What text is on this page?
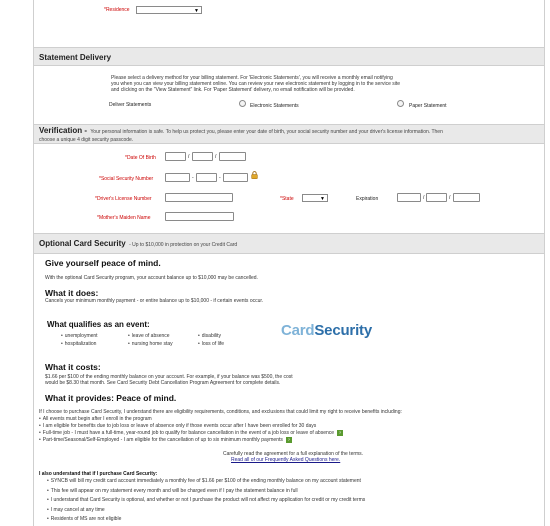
*Residence	▼
Statement Delivery
Please select a delivery method for your billing statement. For 'Electronic Statements', you will receive a monthly email notifying
you when you can view your billing statement online. You can review your new electronic statement by logging in to the service site
and clicking on the "View Statement" link. For 'Paper Statement' delivery, no email notification will be provided.
Deliver Statements	Electronic Statements	Paper Statement
Verification - Your personal information is safe. To help us protect you, please enter your date of birth, your social security number and your driver's license information. Then
choose a unique 4 digit security passcode.
*Date Of Birth	/	/
*Social Security Number	-	-
*Driver's License Number	*State	▼	Expiration	/	/
*Mother's Maiden Name
Optional Card Security - Up to $10,000 in protection on your Credit Card
Give yourself peace of mind.
With the optional Card Security program, your account balance up to $10,000 may be cancelled.
What it does:
Cancels your minimum monthly payment - or entire balance up to $10,000 - if certain events occur.
What qualifies as an event:
• unemployment
• hospitalization
• leave of absence
• nursing home stay
• disability
• loss of life
CardSecurity
What it costs:
$1.66 per $100 of the ending monthly balance on your account. For example, if your balance was $500, the cost
would be $8.30 that month. See Card Security Debt Cancellation Program Agreement for complete details.
What it provides: Peace of mind.
If I choose to purchase Card Security, I understand there are eligibility requirements, conditions, and exclusions that could limit my right to receive benefits including:
• All events must begin after I enroll in the program
• I am eligible for benefits due to job loss or leave of absence only if those events occur after I have been enrolled for 30 days
• Full-time job - I must have a full-time, year-round job to qualify for balance cancellation in the event of a job loss or leave of absence ?
• Part-time/Seasonal/Self-Employed - I am eligible for the cancellation of up to six minimum monthly payments ?
Carefully read the agreement for a full explanation of the terms.
Read all of our Frequently Asked Questions here.
I also understand that if I purchase Card Security:
• SYNCB will bill my credit card account immediately a monthly fee of $1.66 per $100 of the ending monthly balance on my account statement
• This fee will appear on my statement every month and will be charged even if I pay the statement balance in full
• I understand that Card Security is optional, and whether or not I purchase the product will not affect my application for credit or my credit terms
• I may cancel at any time
• Residents of MS are not eligible
